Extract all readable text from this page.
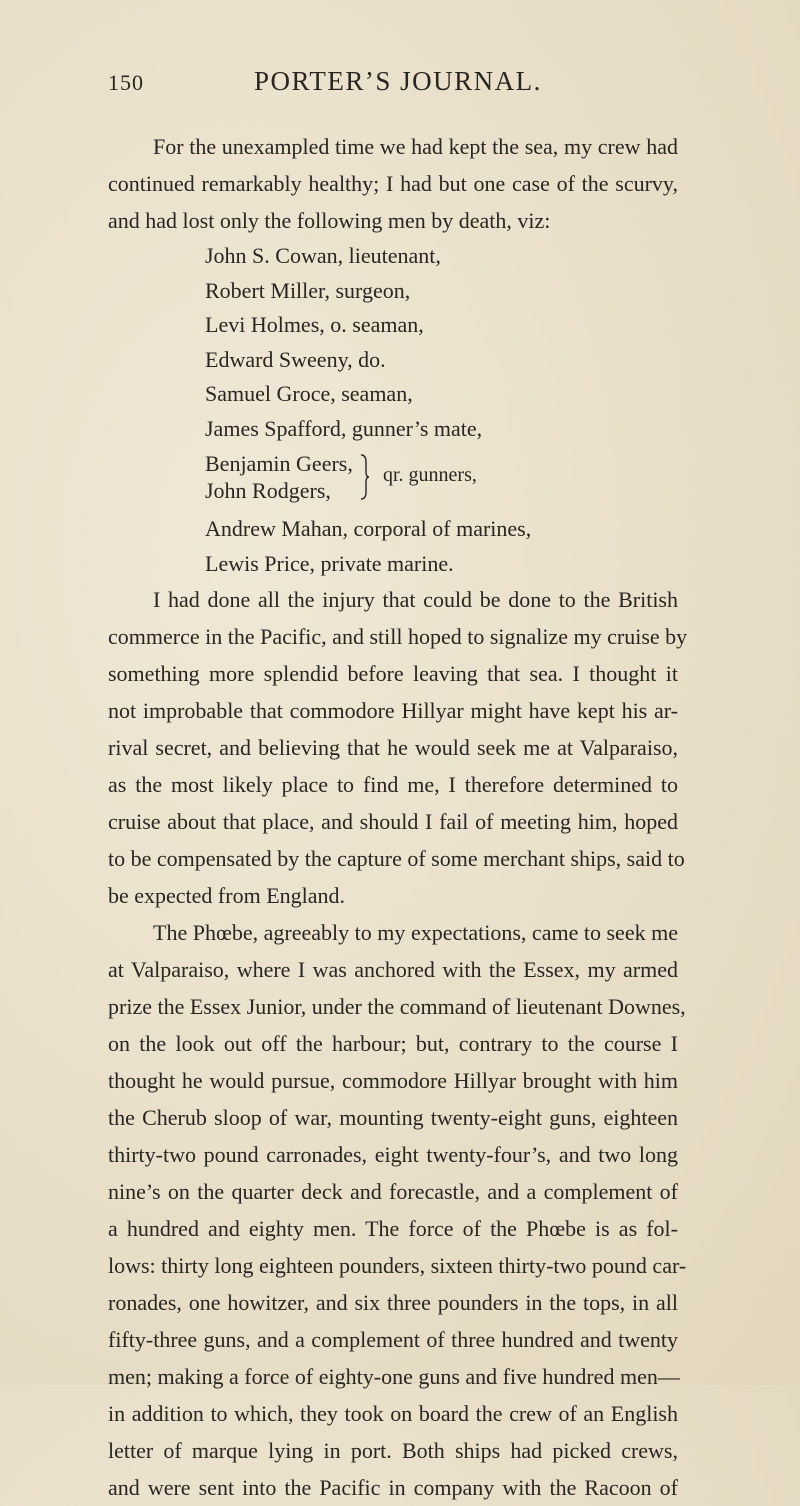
150	PORTER’S JOURNAL.
For the unexampled time we had kept the sea, my crew had
continued remarkably healthy; I had but one case of the scurvy,
and had lost only the following men by death, viz:
John S. Cowan, lieutenant,
Robert Miller, surgeon,
Levi Holmes, o. seaman,
Edward Sweeny, do.
Samuel Groce, seaman,
James Spafford, gunner’s mate,
Benjamin Geers,
John Rodgers,
qr. gunners,
Andrew Mahan, corporal of marines,
Lewis Price, private marine.
I had done all the injury that could be done to the British
commerce in the Pacific, and still hoped to signalize my cruise by
something more splendid before leaving that sea. I thought it
not improbable that commodore Hillyar might have kept his ar-
rival secret, and believing that he would seek me at Valparaiso,
as the most likely place to find me, I therefore determined to
cruise about that place, and should I fail of meeting him, hoped
to be compensated by the capture of some merchant ships, said to
be expected from England.
The Phœbe, agreeably to my expectations, came to seek me
at Valparaiso, where I was anchored with the Essex, my armed
prize the Essex Junior, under the command of lieutenant Downes,
on the look out off the harbour; but, contrary to the course I
thought he would pursue, commodore Hillyar brought with him
the Cherub sloop of war, mounting twenty-eight guns, eighteen
thirty-two pound carronades, eight twenty-four’s, and two long
nine’s on the quarter deck and forecastle, and a complement of
a hundred and eighty men. The force of the Phœbe is as fol-
lows: thirty long eighteen pounders, sixteen thirty-two pound car-
ronades, one howitzer, and six three pounders in the tops, in all
fifty-three guns, and a complement of three hundred and twenty
men; making a force of eighty-one guns and five hundred men—
in addition to which, they took on board the crew of an English
letter of marque lying in port. Both ships had picked crews,
and were sent into the Pacific in company with the Racoon of
